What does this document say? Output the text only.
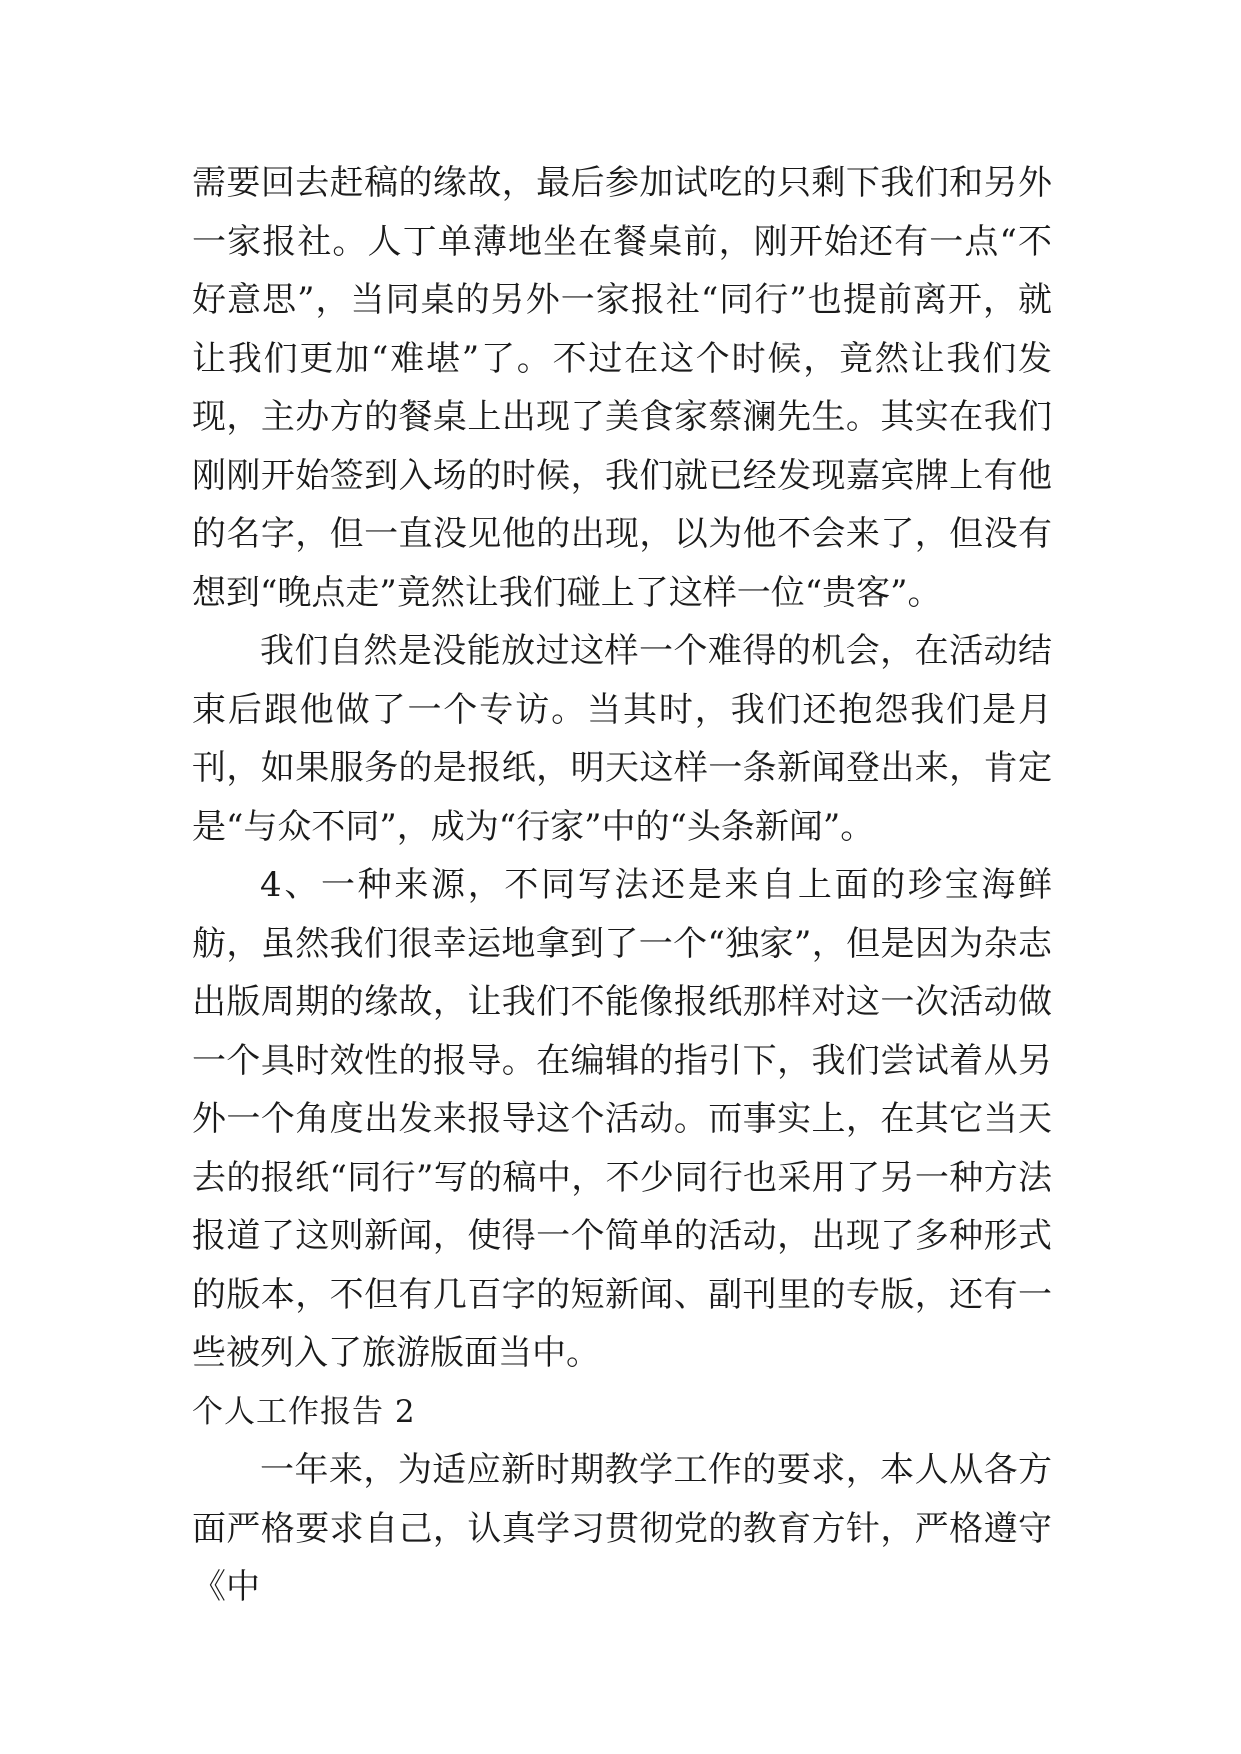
需要回去赶稿的缘故，最后参加试吃的只剩下我们和另外一家报社。人丁单薄地坐在餐桌前，刚开始还有一点“不好意思”，当同桌的另外一家报社“同行”也提前离开，就让我们更加“难堪”了。不过在这个时候，竟然让我们发现，主办方的餐桌上出现了美食家蔡澜先生。其实在我们刚刚开始签到入场的时候，我们就已经发现嘉宾牌上有他的名字，但一直没见他的出现，以为他不会来了，但没有想到“晚点走”竟然让我们碰上了这样一位“贵客”。

我们自然是没能放过这样一个难得的机会，在活动结束后跟他做了一个专访。当其时，我们还抱怨我们是月刊，如果服务的是报纸，明天这样一条新闻登出来，肯定是“与众不同”，成为“行家”中的“头条新闻”。

4、一种来源，不同写法还是来自上面的珍宝海鲜舫，虽然我们很幸运地拿到了一个“独家”，但是因为杂志出版周期的缘故，让我们不能像报纸那样对这一次活动做一个具时效性的报导。在编辑的指引下，我们尝试着从另外一个角度出发来报导这个活动。而事实上，在其它当天去的报纸“同行”写的稿中，不少同行也采用了另一种方法报道了这则新闻，使得一个简单的活动，出现了多种形式的版本，不但有几百字的短新闻、副刊里的专版，还有一些被列入了旅游版面当中。

个人工作报告 2

一年来，为适应新时期教学工作的要求，本人从各方面严格要求自己，认真学习贯彻党的教育方针，严格遵守《中
